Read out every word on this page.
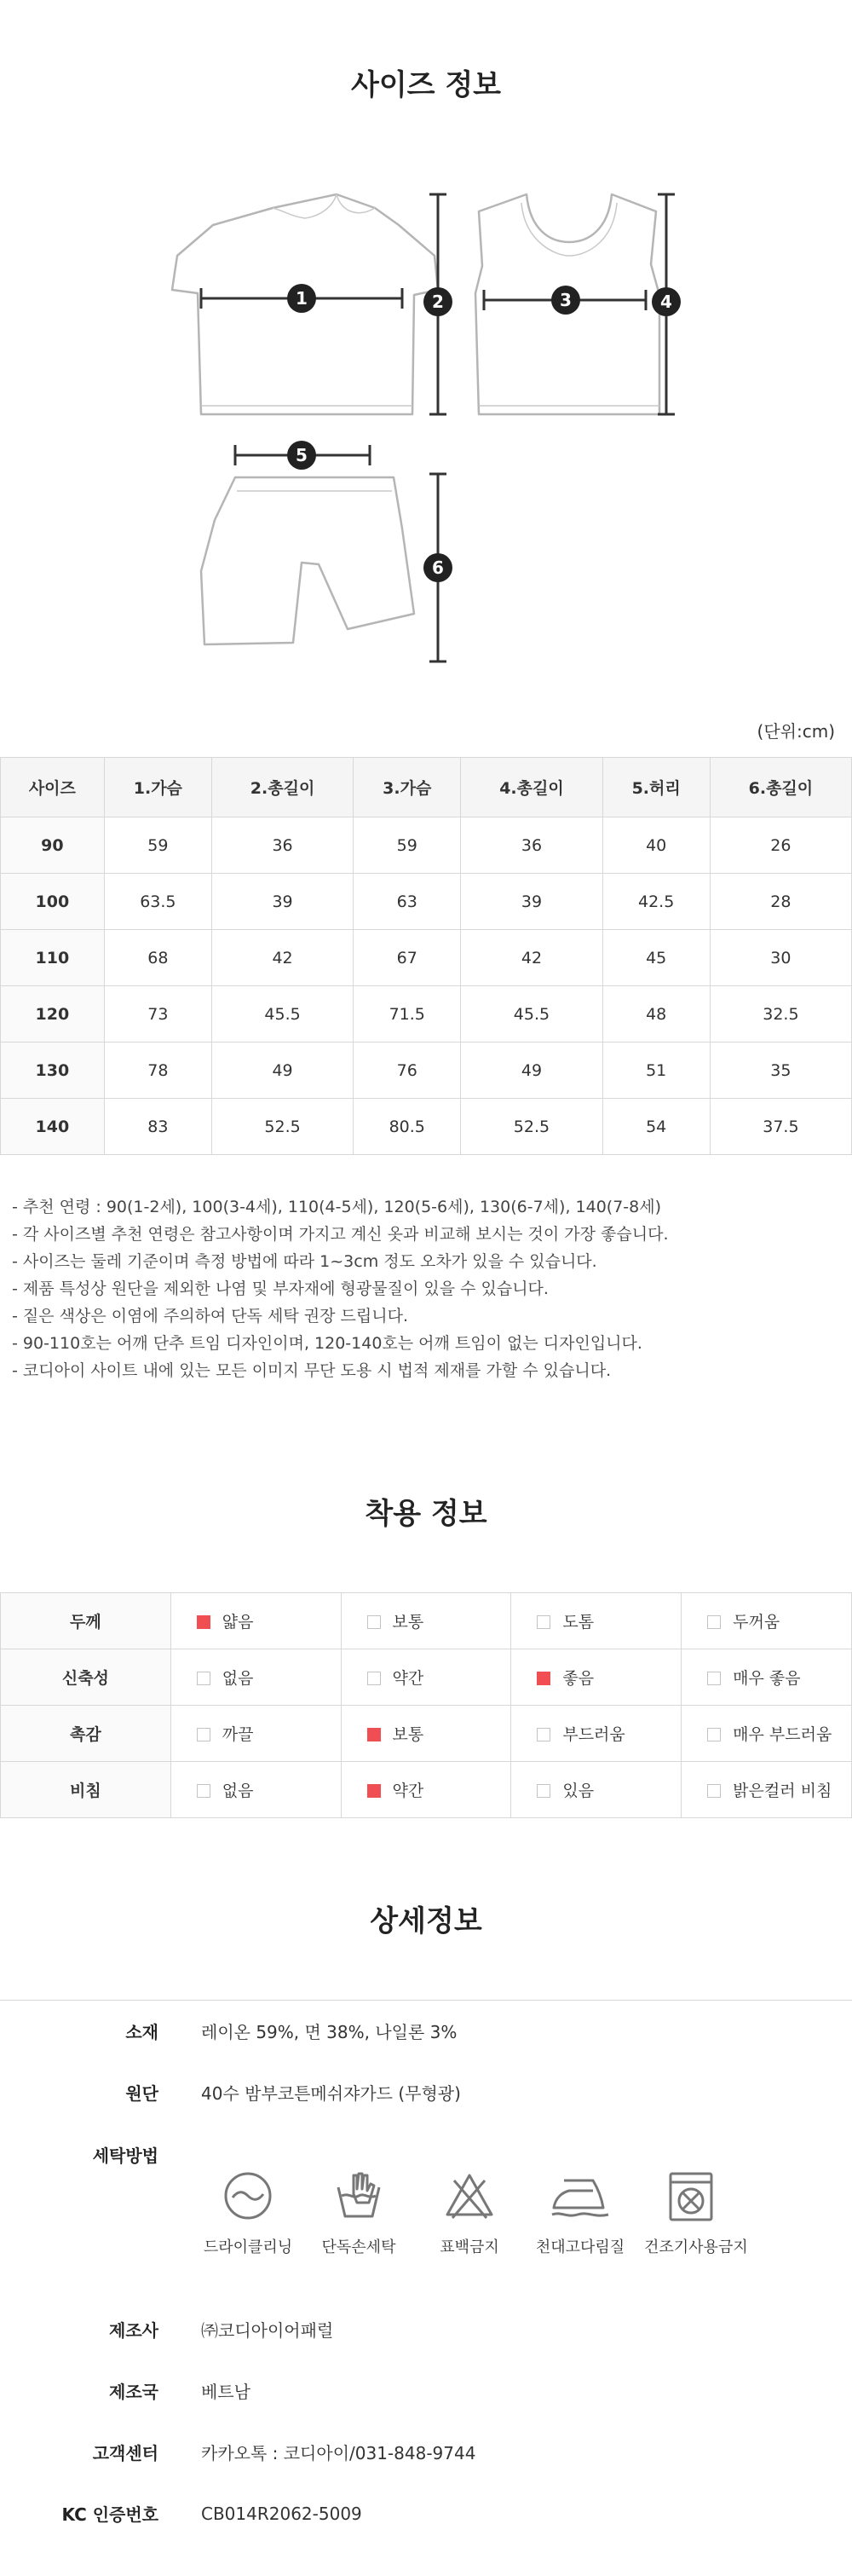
사이즈 정보
1	2	3	4
5
6
(단위:cm)
사이즈	1.가슴	2.총길이	3.가슴	4.총길이	5.허리	6.총길이
90	59	36	59	36	40	26
100	63.5	39	63	39	42.5	28
110	68	42	67	42	45	30
120	73	45.5	71.5	45.5	48	32.5
130	78	49	76	49	51	35
140	83	52.5	80.5	52.5	54	37.5
- 추천 연령 : 90(1-2세), 100(3-4세), 110(4-5세), 120(5-6세), 130(6-7세), 140(7-8세)
- 각 사이즈별 추천 연령은 참고사항이며 가지고 계신 옷과 비교해 보시는 것이 가장 좋습니다.
- 사이즈는 둘레 기준이며 측정 방법에 따라 1~3cm 정도 오차가 있을 수 있습니다.
- 제품 특성상 원단을 제외한 나염 및 부자재에 형광물질이 있을 수 있습니다.
- 짙은 색상은 이염에 주의하여 단독 세탁 권장 드립니다.
- 90-110호는 어깨 단추 트임 디자인이며, 120-140호는 어깨 트임이 없는 디자인입니다.
- 코디아이 사이트 내에 있는 모든 이미지 무단 도용 시 법적 제재를 가할 수 있습니다.
착용 정보
두께	얇음	보통	도톰	두꺼움
신축성	없음	약간	좋음	매우 좋음
촉감	까끌	보통	부드러움	매우 부드러움
비침	없음	약간	있음	밝은컬러 비침
상세정보
소재	레이온 59%, 면 38%, 나일론 3%
원단	40수 밤부코튼메쉬쟈가드 (무형광)
세탁방법	드라이클리닝 단독손세탁 표백금지 천대고다림질 건조기사용금지

제조사	㈜코디아이어패럴
제조국	베트남
고객센터	카카오톡 : 코디아이/031-848-9744
KC 인증번호	CB014R2062-5009
